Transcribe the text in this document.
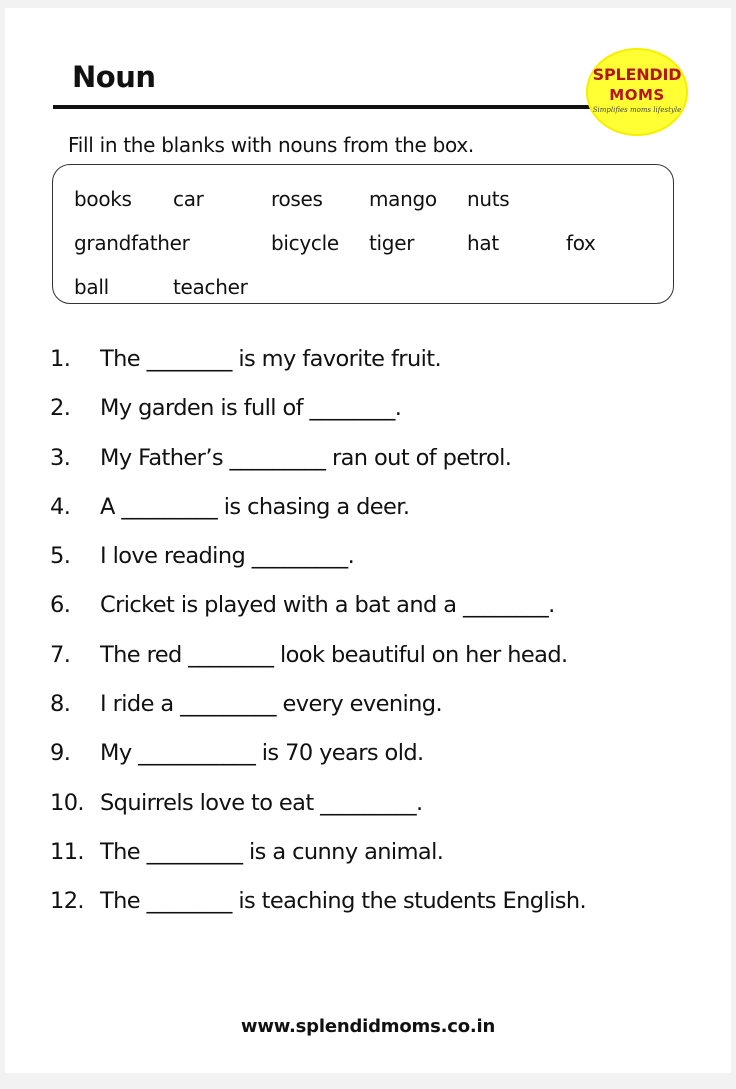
Noun	SPLENDID
MOMS
Simplifies moms lifestyle
Fill in the blanks with nouns from the box.
books car	roses mango nuts
grandfather	bicycle tiger	hat	fox
ball	teacher
1. The ________ is my favorite fruit.
2. My garden is full of ________.
3. My Father’s _________ ran out of petrol.
4. A _________ is chasing a deer.
5. I love reading _________.
6. Cricket is played with a bat and a ________.
7. The red ________ look beautiful on her head.
8. I ride a _________ every evening.
9. My ___________ is 70 years old.
10. Squirrels love to eat _________.
11. The _________ is a cunny animal.
12. The ________ is teaching the students English.
www.splendidmoms.co.in
